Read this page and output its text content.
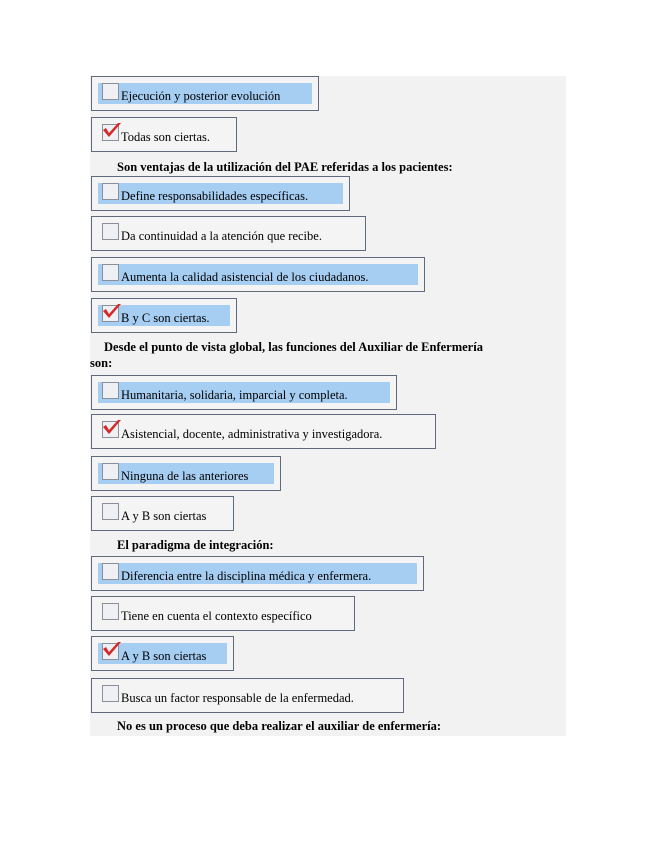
Ejecución y posterior evolución
Todas son ciertas.
Son ventajas de la utilización del PAE referidas a los pacientes:
Define responsabilidades específicas.
Da continuidad a la atención que recibe.
Aumenta la calidad asistencial de los ciudadanos.
B y C son ciertas.
Desde el punto de vista global, las funciones del Auxiliar de Enfermería
son:
Humanitaria, solidaria, imparcial y completa.
Asistencial, docente, administrativa y investigadora.
Ninguna de las anteriores
A y B son ciertas
El paradigma de integración:
Diferencia entre la disciplina médica y enfermera.
Tiene en cuenta el contexto específico
A y B son ciertas
Busca un factor responsable de la enfermedad.
No es un proceso que deba realizar el auxiliar de enfermería:
